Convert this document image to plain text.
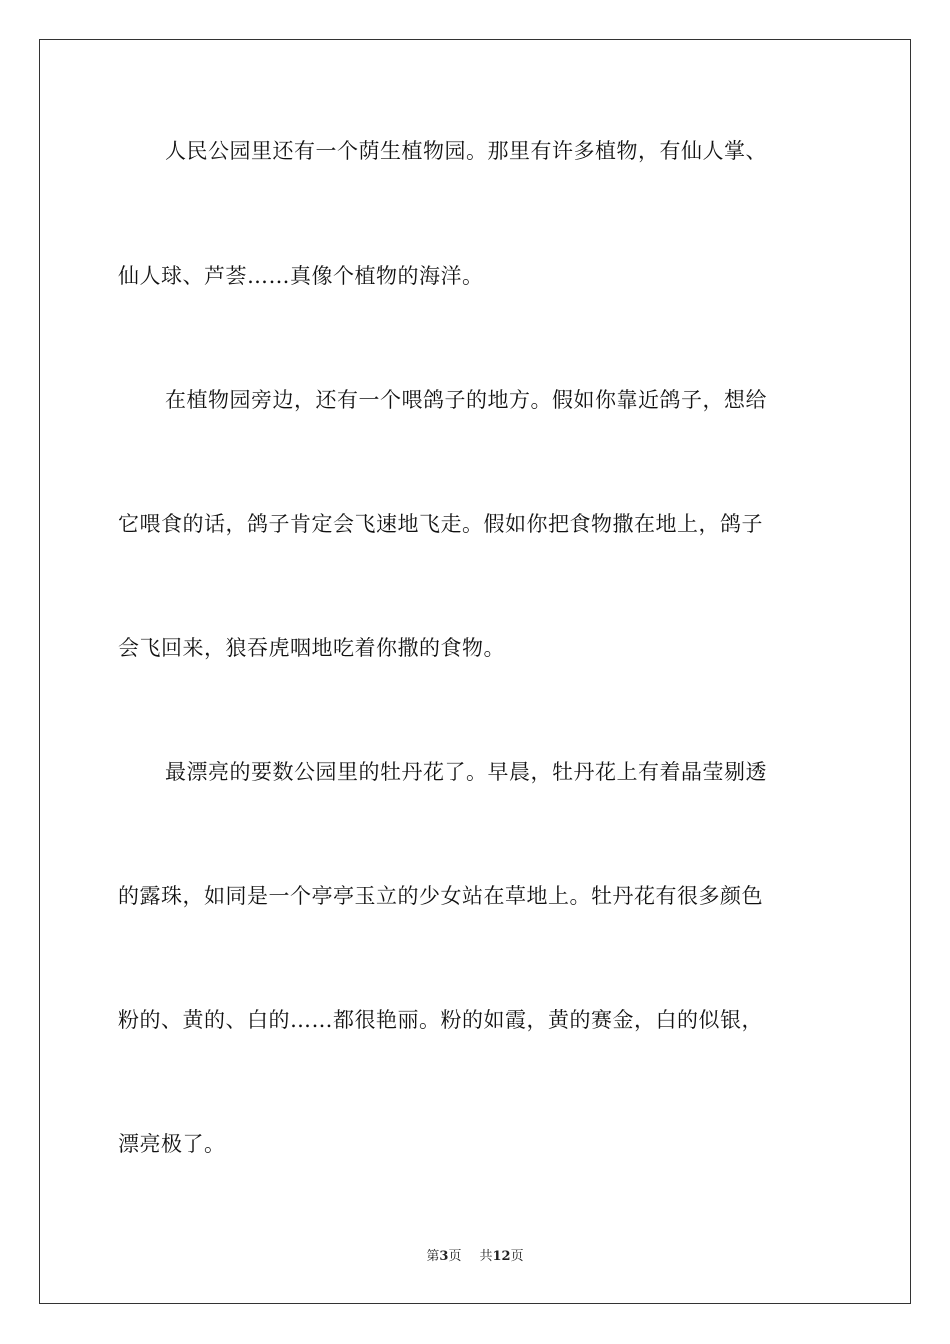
人民公园里还有一个荫生植物园。那里有许多植物，有仙人掌、
仙人球、芦荟……真像个植物的海洋。
在植物园旁边，还有一个喂鸽子的地方。假如你靠近鸽子，想给
它喂食的话，鸽子肯定会飞速地飞走。假如你把食物撒在地上，鸽子
会飞回来，狼吞虎咽地吃着你撒的食物。
最漂亮的要数公园里的牡丹花了。早晨，牡丹花上有着晶莹剔透
的露珠，如同是一个亭亭玉立的少女站在草地上。牡丹花有很多颜色
粉的、黄的、白的……都很艳丽。粉的如霞，黄的赛金，白的似银，
漂亮极了。
第3页 共12页
